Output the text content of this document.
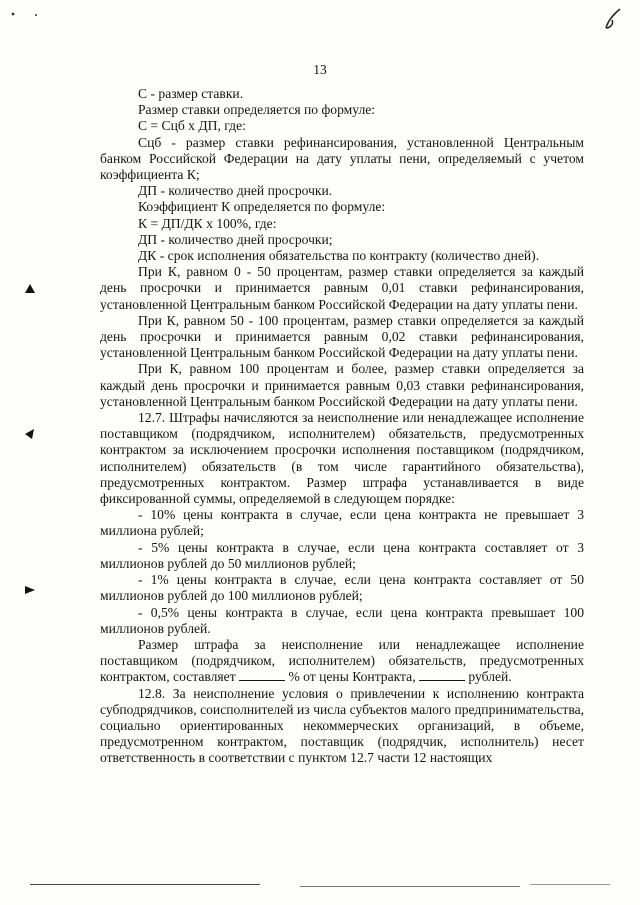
13

С - размер ставки.

Размер ставки определяется по формуле:

С = Сцб х ДП, где:

Сцб - размер ставки рефинансирования, установленной Центральным банком Российской Федерации на дату уплаты пени, определяемый с учетом коэффициента К;

ДП - количество дней просрочки.

Коэффициент К определяется по формуле:

К = ДП/ДК х 100%, где:

ДП - количество дней просрочки;

ДК - срок исполнения обязательства по контракту (количество дней).

При К, равном 0 - 50 процентам, размер ставки определяется за каждый день просрочки и принимается равным 0,01 ставки рефинансирования, установленной Центральным банком Российской Федерации на дату уплаты пени.

При К, равном 50 - 100 процентам, размер ставки определяется за каждый день просрочки и принимается равным 0,02 ставки рефинансирования, установленной Центральным банком Российской Федерации на дату уплаты пени.

При К, равном 100 процентам и более, размер ставки определяется за каждый день просрочки и принимается равным 0,03 ставки рефинансирования, установленной Центральным банком Российской Федерации на дату уплаты пени.

12.7. Штрафы начисляются за неисполнение или ненадлежащее исполнение поставщиком (подрядчиком, исполнителем) обязательств, предусмотренных контрактом за исключением просрочки исполнения поставщиком (подрядчиком, исполнителем) обязательств (в том числе гарантийного обязательства), предусмотренных контрактом. Размер штрафа устанавливается в виде фиксированной суммы, определяемой в следующем порядке:

- 10% цены контракта в случае, если цена контракта не превышает 3 миллиона рублей;

- 5% цены контракта в случае, если цена контракта составляет от 3 миллионов рублей до 50 миллионов рублей;

- 1% цены контракта в случае, если цена контракта составляет от 50 миллионов рублей до 100 миллионов рублей;

- 0,5% цены контракта в случае, если цена контракта превышает 100 миллионов рублей.

Размер штрафа за неисполнение или ненадлежащее исполнение поставщиком (подрядчиком, исполнителем) обязательств, предусмотренных контрактом, составляет	% от цены Контракта,	рублей.

12.8. За неисполнение условия о привлечении к исполнению контракта субподрядчиков, соисполнителей из числа субъектов малого предпринимательства, социально ориентированных некоммерческих организаций, в объеме, предусмотренном контрактом, поставщик (подрядчик, исполнитель) несет ответственность в соответствии с пунктом 12.7 части 12 настоящих
